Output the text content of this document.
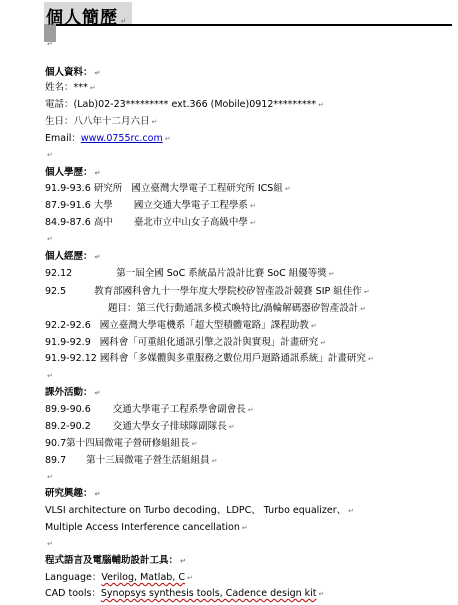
個人簡歷 ↵
↵
個人資料： ↵
姓名：*** ↵
電話：(Lab)02-23********* ext.366 (Mobile)0912********* ↵
生日：八八年十二月六日 ↵
Email：www.0755rc.com ↵
↵
個人學歷： ↵
91.9-93.6 研究所 國立臺灣大學電子工程研究所 ICS組 ↵
87.9-91.6 大學 國立交通大學電子工程學系 ↵
84.9-87.6 高中 臺北市立中山女子高級中學 ↵
↵
個人經歷： ↵
92.12	第一屆全國 SoC 系統晶片設計比賽 SoC 組優等獎 ↵
92.5	教育部國科會九十一學年度大學院校矽智產設計競賽 SIP 組佳作 ↵
題目：第三代行動通訊多模式喚特比/渦輪解碼器矽智產設計 ↵
92.2-92.6 國立臺灣大學電機系「超大型積體電路」課程助教 ↵
91.9-92.9 國科會「可重組化通訊引擎之設計與實現」計畫研究 ↵
91.9-92.12 國科會「多媒體與多重服務之數位用戶迴路通訊系統」計畫研究 ↵
↵
課外活動： ↵
89.9-90.6 交通大學電子工程系學會副會長 ↵
89.2-90.2 交通大學女子排球隊副隊長 ↵
90.7第十四屆微電子營研修組組長 ↵
89.7 第十三屆微電子營生活組組員 ↵
↵
研究興趣： ↵
VLSI architecture on Turbo decoding、LDPC、 Turbo equalizer、 ↵
Multiple Access Interference cancellation ↵
↵
程式語言及電腦輔助設計工具： ↵
Language：Verilog, Matlab, C ↵
CAD tools：Synopsys synthesis tools, Cadence design kit ↵
